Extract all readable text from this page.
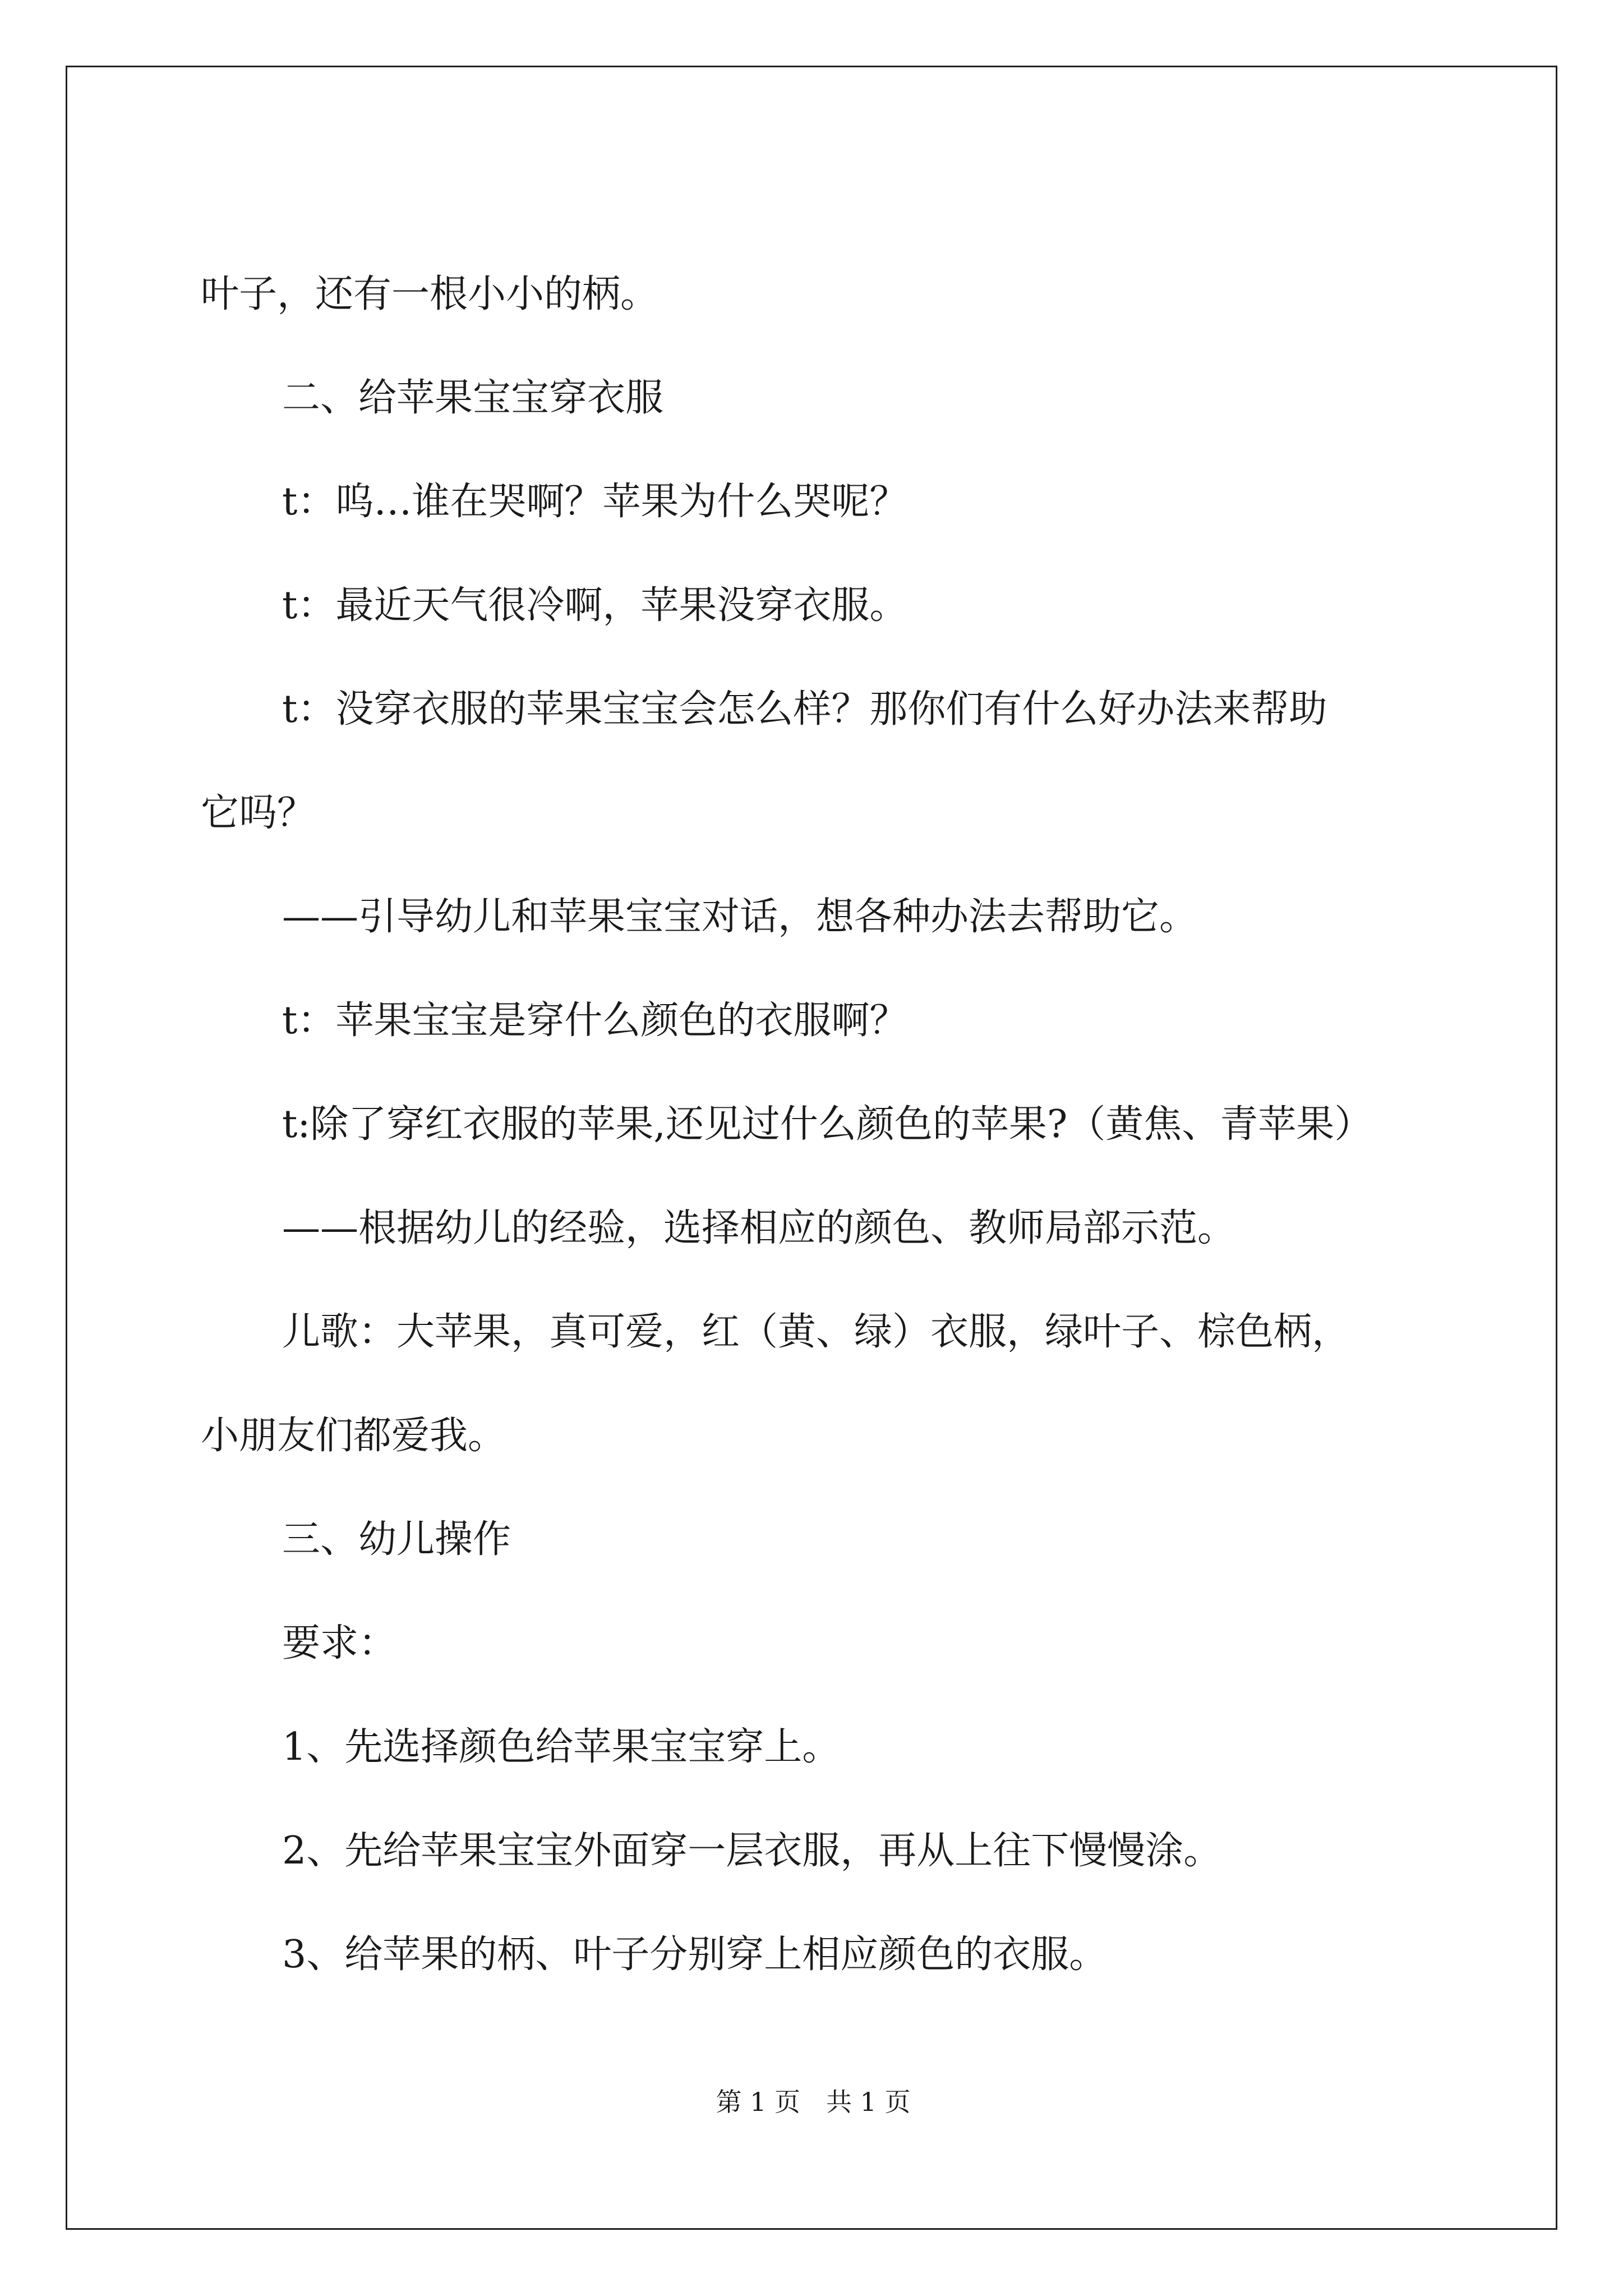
叶子，还有一根小小的柄。
二、给苹果宝宝穿衣服
t：呜…谁在哭啊？苹果为什么哭呢？
t：最近天气很冷啊，苹果没穿衣服。
t：没穿衣服的苹果宝宝会怎么样？那你们有什么好办法来帮助
它吗？
——引导幼儿和苹果宝宝对话，想各种办法去帮助它。
t：苹果宝宝是穿什么颜色的衣服啊？
t:除了穿红衣服的苹果,还见过什么颜色的苹果?（黄焦、青苹果）
——根据幼儿的经验，选择相应的颜色、教师局部示范。
儿歌：大苹果，真可爱，红（黄、绿）衣服，绿叶子、棕色柄，
小朋友们都爱我。
三、幼儿操作
要求：
1、先选择颜色给苹果宝宝穿上。
2、先给苹果宝宝外面穿一层衣服，再从上往下慢慢涂。
3、给苹果的柄、叶子分别穿上相应颜色的衣服。
第 1 页　共 1 页
